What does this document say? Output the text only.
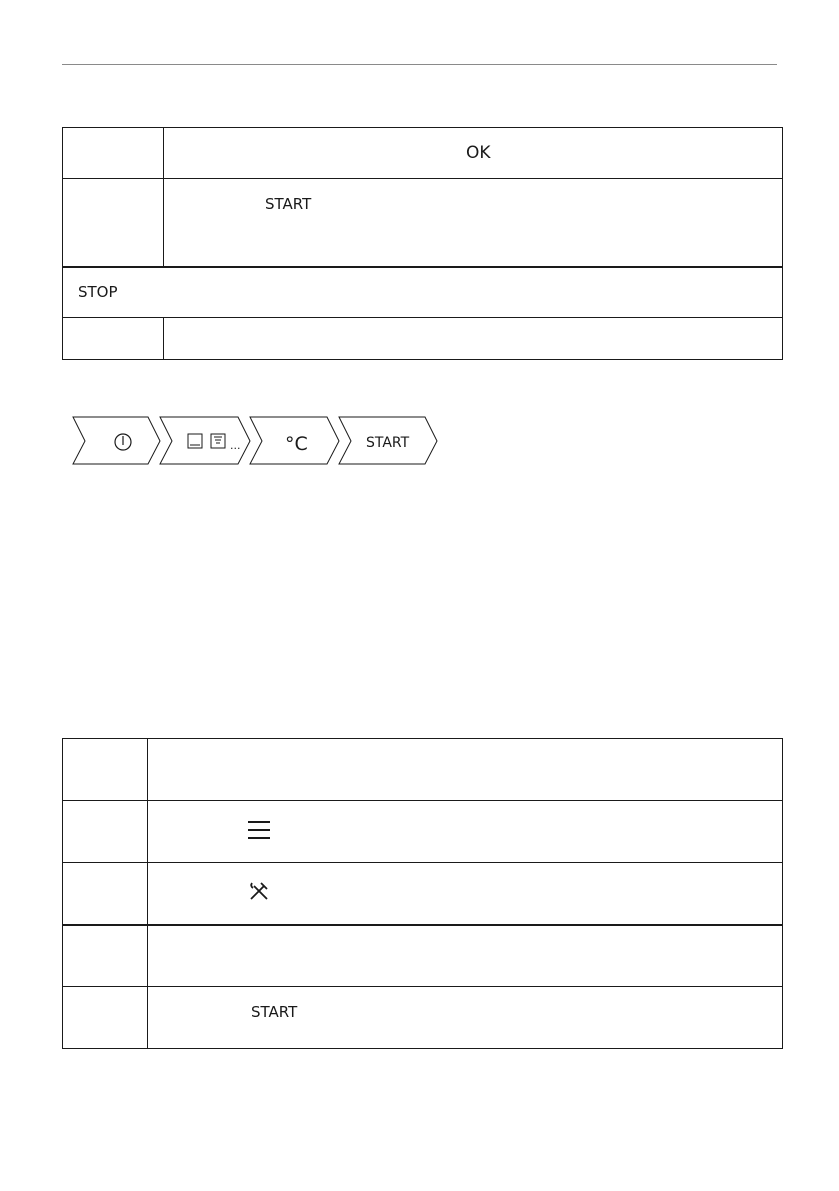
	OK

	START

STOP	

... °C	START

	START
